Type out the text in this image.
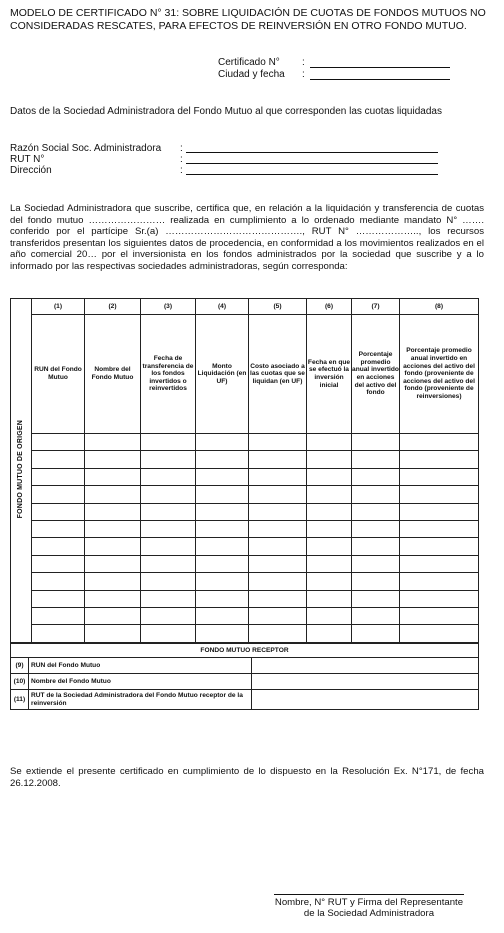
MODELO DE CERTIFICADO N° 31: SOBRE LIQUIDACIÓN DE CUOTAS DE FONDOS MUTUOS NO CONSIDERADAS RESCATES, PARA EFECTOS DE REINVERSIÓN EN OTRO FONDO MUTUO.
Certificado N° :
Ciudad y fecha :
Datos de la Sociedad Administradora del Fondo Mutuo al que corresponden las cuotas liquidadas
Razón Social Soc. Administradora :
RUT N°	:
Dirección	:
La Sociedad Administradora que suscribe, certifica que, en relación a la liquidación y transferencia de cuotas del fondo mutuo …………………… realizada en cumplimiento a lo ordenado mediante mandato N° ……. conferido por el partícipe Sr.(a) ……………………………………., RUT N° ……………….., los recursos transferidos presentan los siguientes datos de procedencia, en conformidad a los movimientos realizados en el año comercial 20… por el inversionista en los fondos administrados por la sociedad que suscribe y a lo informado por las respectivas sociedades administradoras, según corresponda:
FONDO MUTUO DE ORIGEN	(1)	(2)	(3)	(4)	(5)	(6)	(7)	(8)
	RUN del Fondo Mutuo	Nombre del Fondo Mutuo	Fecha de transferencia de los fondos invertidos o reinvertidos	Monto Liquidación (en UF)	Costo asociado a las cuotas que se liquidan (en UF)	Fecha en que se efectuó la inversión inicial	Porcentaje promedio anual invertido en acciones del activo del fondo	Porcentaje promedio anual invertido en acciones del activo del fondo (proveniente de acciones del activo del fondo (proveniente de reinversiones)

FONDO MUTUO RECEPTOR		
(9)	RUN del Fondo Mutuo	
(10)	Nombre del Fondo Mutuo	
(11)	RUT de la Sociedad Administradora del Fondo Mutuo receptor de la reinversión	
Se extiende el presente certificado en cumplimiento de lo dispuesto en la Resolución Ex. N°171, de fecha 26.12.2008.
Nombre, N° RUT y Firma del Representante
de la Sociedad Administradora
